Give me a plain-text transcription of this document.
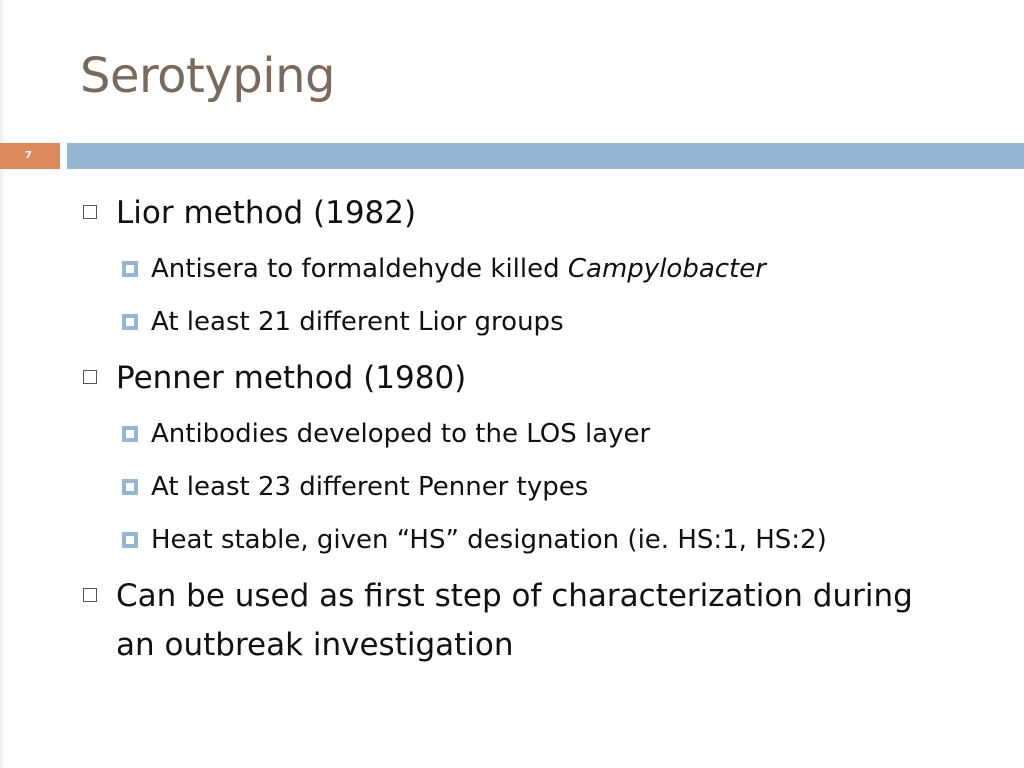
Serotyping
7
Lior method (1982)
Antisera to formaldehyde killed Campylobacter
At least 21 different Lior groups
Penner method (1980)
Antibodies developed to the LOS layer
At least 23 different Penner types
Heat stable, given “HS” designation (ie. HS:1, HS:2)
Can be used as first step of characterization during
an outbreak investigation
